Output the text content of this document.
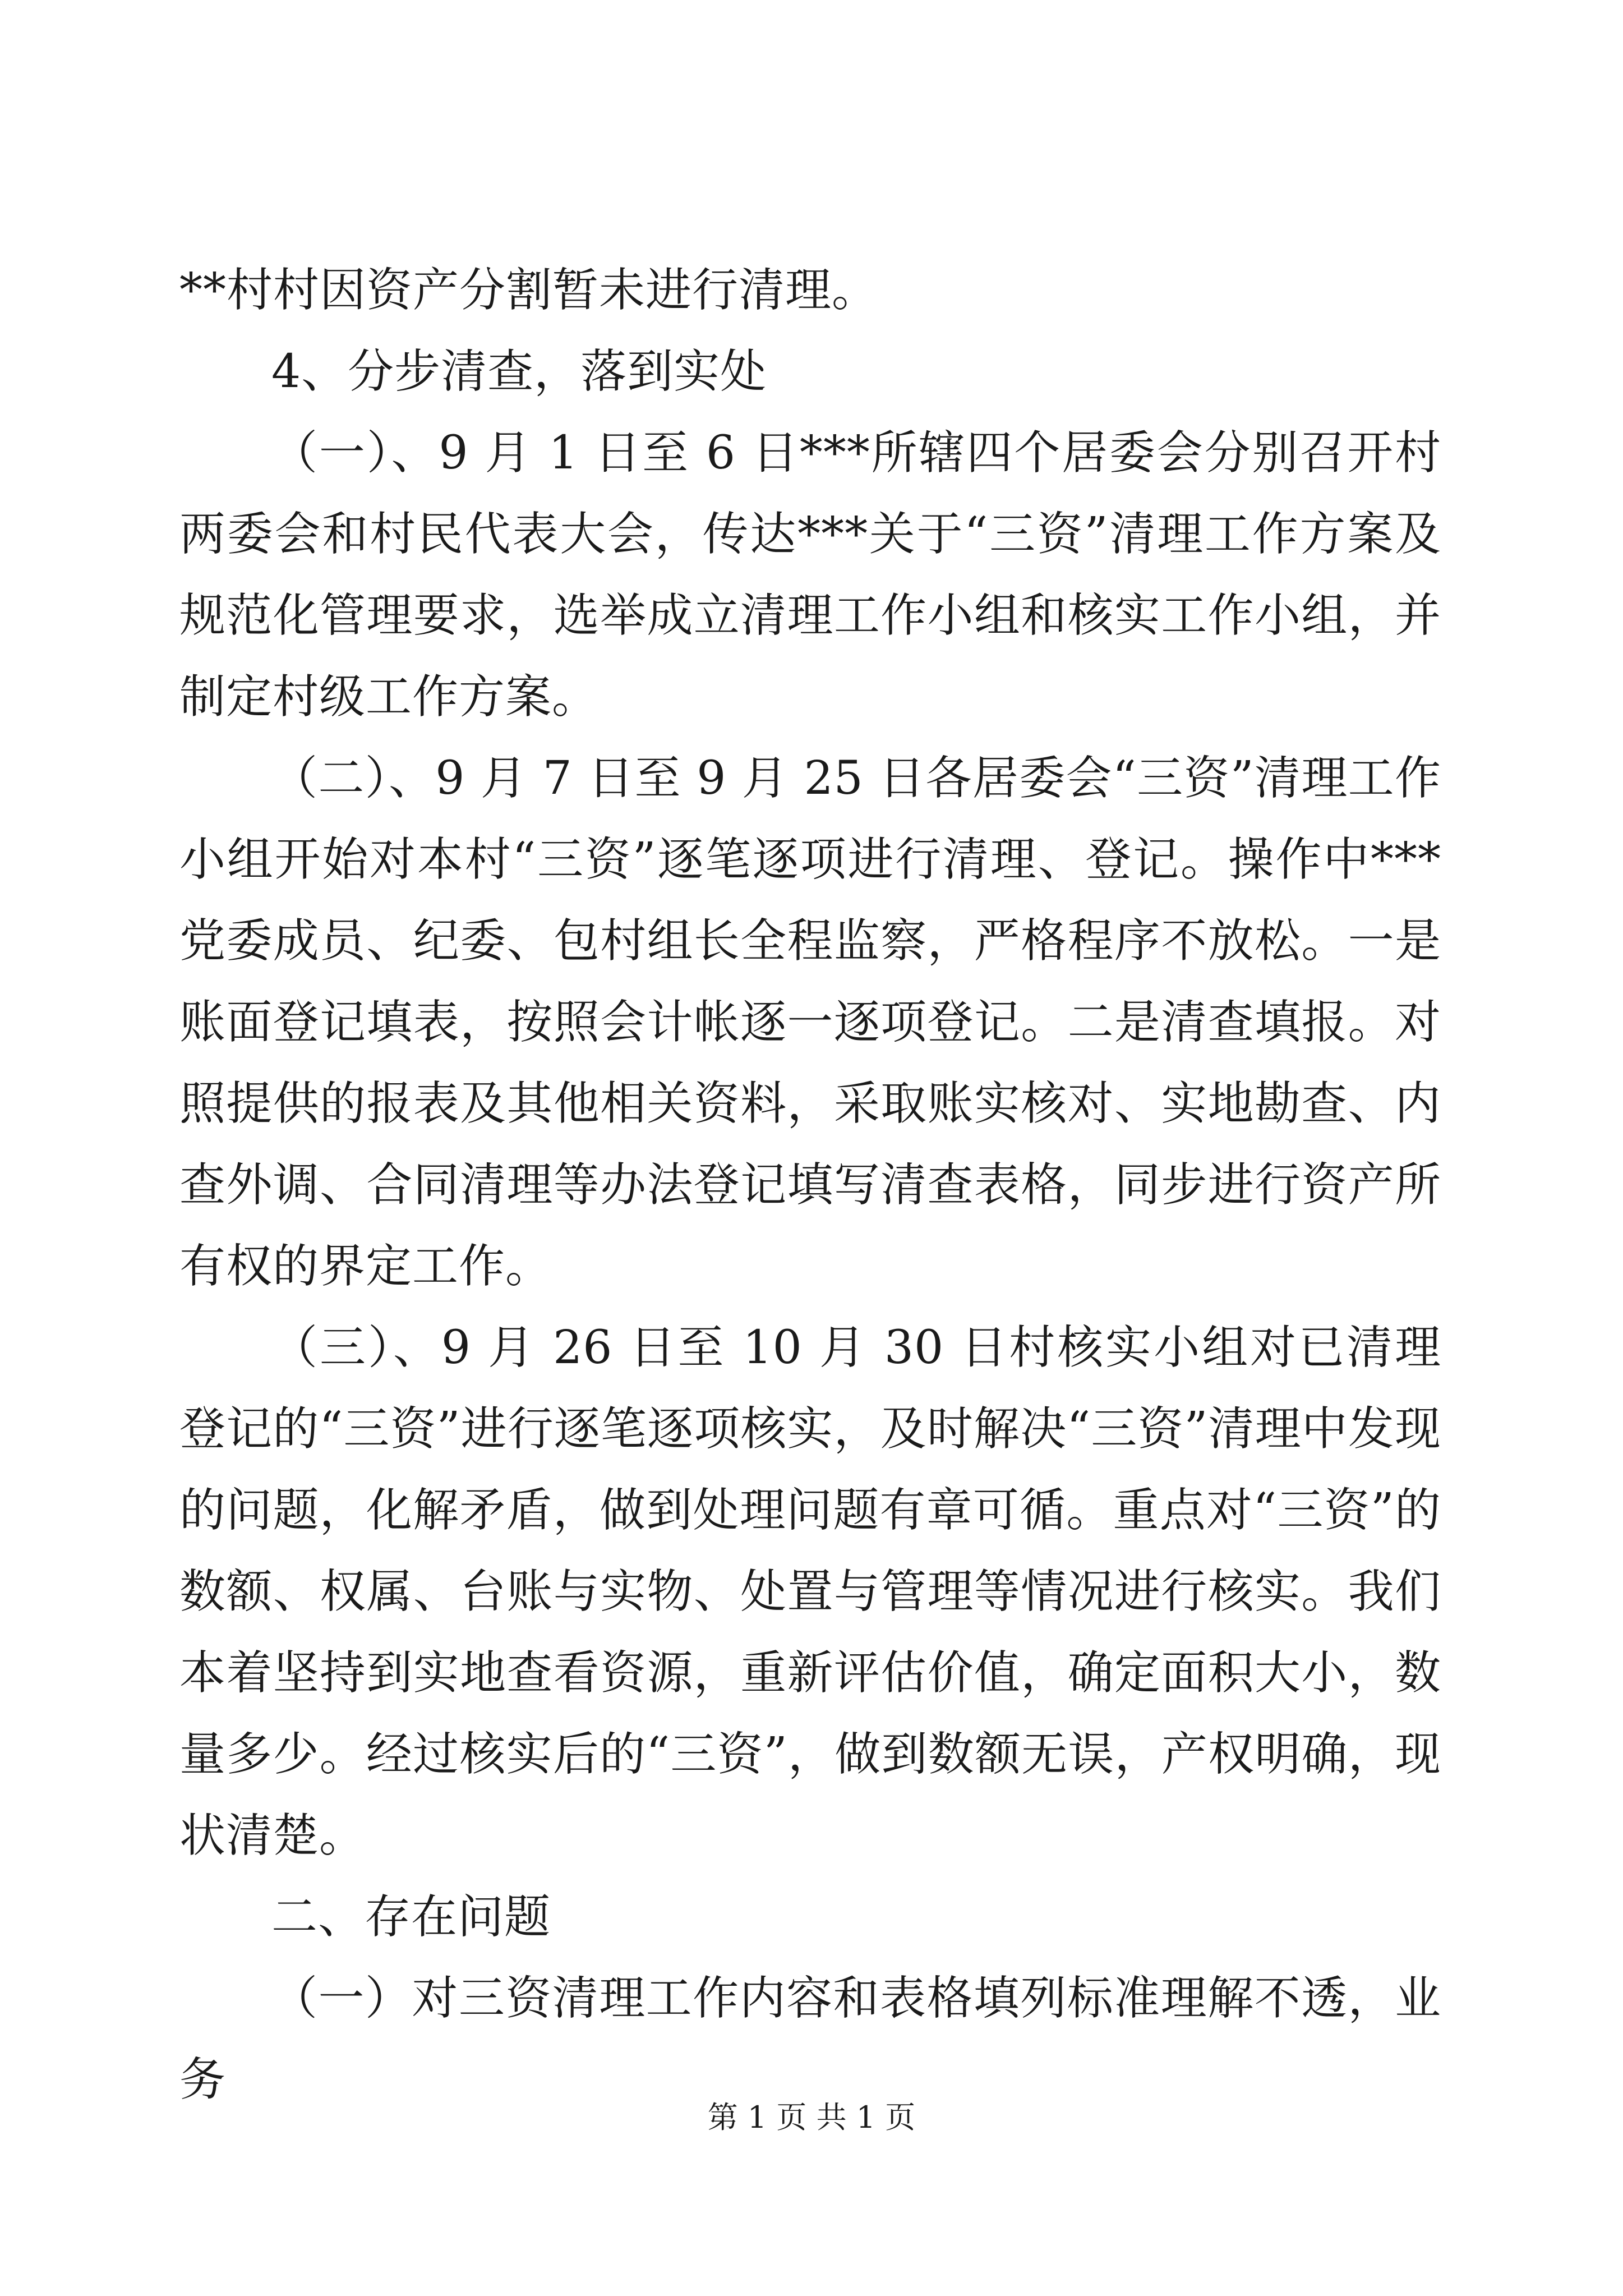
**村村因资产分割暂未进行清理。

4、分步清查，落到实处

（一）、9 月 1 日至 6 日***所辖四个居委会分别召开村两委会和村民代表大会，传达***关于“三资”清理工作方案及规范化管理要求，选举成立清理工作小组和核实工作小组，并制定村级工作方案。

（二）、9 月 7 日至 9 月 25 日各居委会“三资”清理工作小组开始对本村“三资”逐笔逐项进行清理、登记。操作中***党委成员、纪委、包村组长全程监察，严格程序不放松。一是账面登记填表，按照会计帐逐一逐项登记。二是清查填报。对照提供的报表及其他相关资料，采取账实核对、实地勘查、内查外调、合同清理等办法登记填写清查表格，同步进行资产所有权的界定工作。

（三）、9 月 26 日至 10 月 30 日村核实小组对已清理登记的“三资”进行逐笔逐项核实，及时解决“三资”清理中发现的问题，化解矛盾，做到处理问题有章可循。重点对“三资”的数额、权属、台账与实物、处置与管理等情况进行核实。我们本着坚持到实地查看资源，重新评估价值，确定面积大小，数量多少。经过核实后的“三资”，做到数额无误，产权明确，现状清楚。

二、存在问题

（一）对三资清理工作内容和表格填列标准理解不透，业务

第 1 页 共 1 页
